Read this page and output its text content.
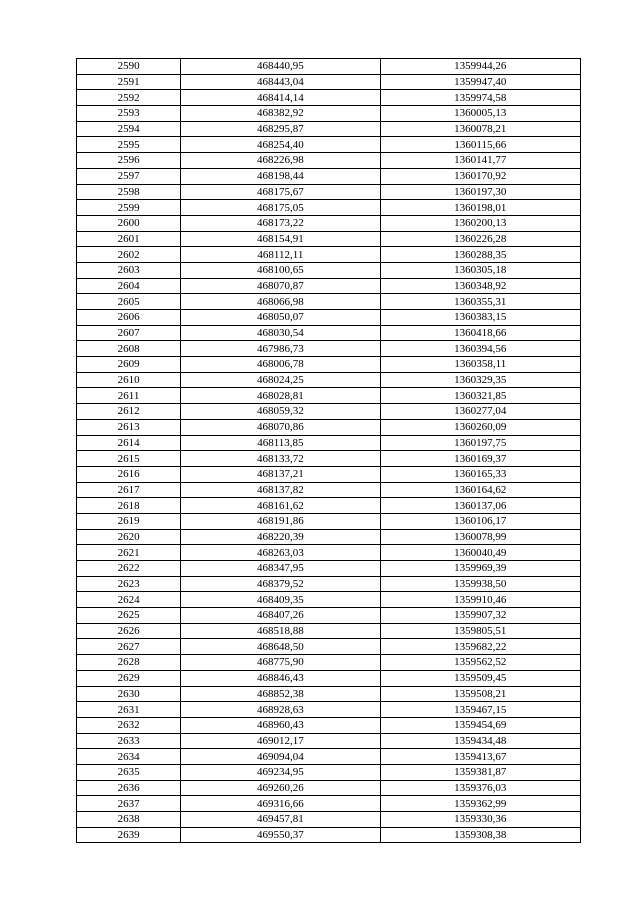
2590	468440,95	1359944,26
2591	468443,04	1359947,40
2592	468414,14	1359974,58
2593	468382,92	1360005,13
2594	468295,87	1360078,21
2595	468254,40	1360115,66
2596	468226,98	1360141,77
2597	468198,44	1360170,92
2598	468175,67	1360197,30
2599	468175,05	1360198,01
2600	468173,22	1360200,13
2601	468154,91	1360226,28
2602	468112,11	1360288,35
2603	468100,65	1360305,18
2604	468070,87	1360348,92
2605	468066,98	1360355,31
2606	468050,07	1360383,15
2607	468030,54	1360418,66
2608	467986,73	1360394,56
2609	468006,78	1360358,11
2610	468024,25	1360329,35
2611	468028,81	1360321,85
2612	468059,32	1360277,04
2613	468070,86	1360260,09
2614	468113,85	1360197,75
2615	468133,72	1360169,37
2616	468137,21	1360165,33
2617	468137,82	1360164,62
2618	468161,62	1360137,06
2619	468191,86	1360106,17
2620	468220,39	1360078,99
2621	468263,03	1360040,49
2622	468347,95	1359969,39
2623	468379,52	1359938,50
2624	468409,35	1359910,46
2625	468407,26	1359907,32
2626	468518,88	1359805,51
2627	468648,50	1359682,22
2628	468775,90	1359562,52
2629	468846,43	1359509,45
2630	468852,38	1359508,21
2631	468928,63	1359467,15
2632	468960,43	1359454,69
2633	469012,17	1359434,48
2634	469094,04	1359413,67
2635	469234,95	1359381,87
2636	469260,26	1359376,03
2637	469316,66	1359362,99
2638	469457,81	1359330,36
2639	469550,37	1359308,38
